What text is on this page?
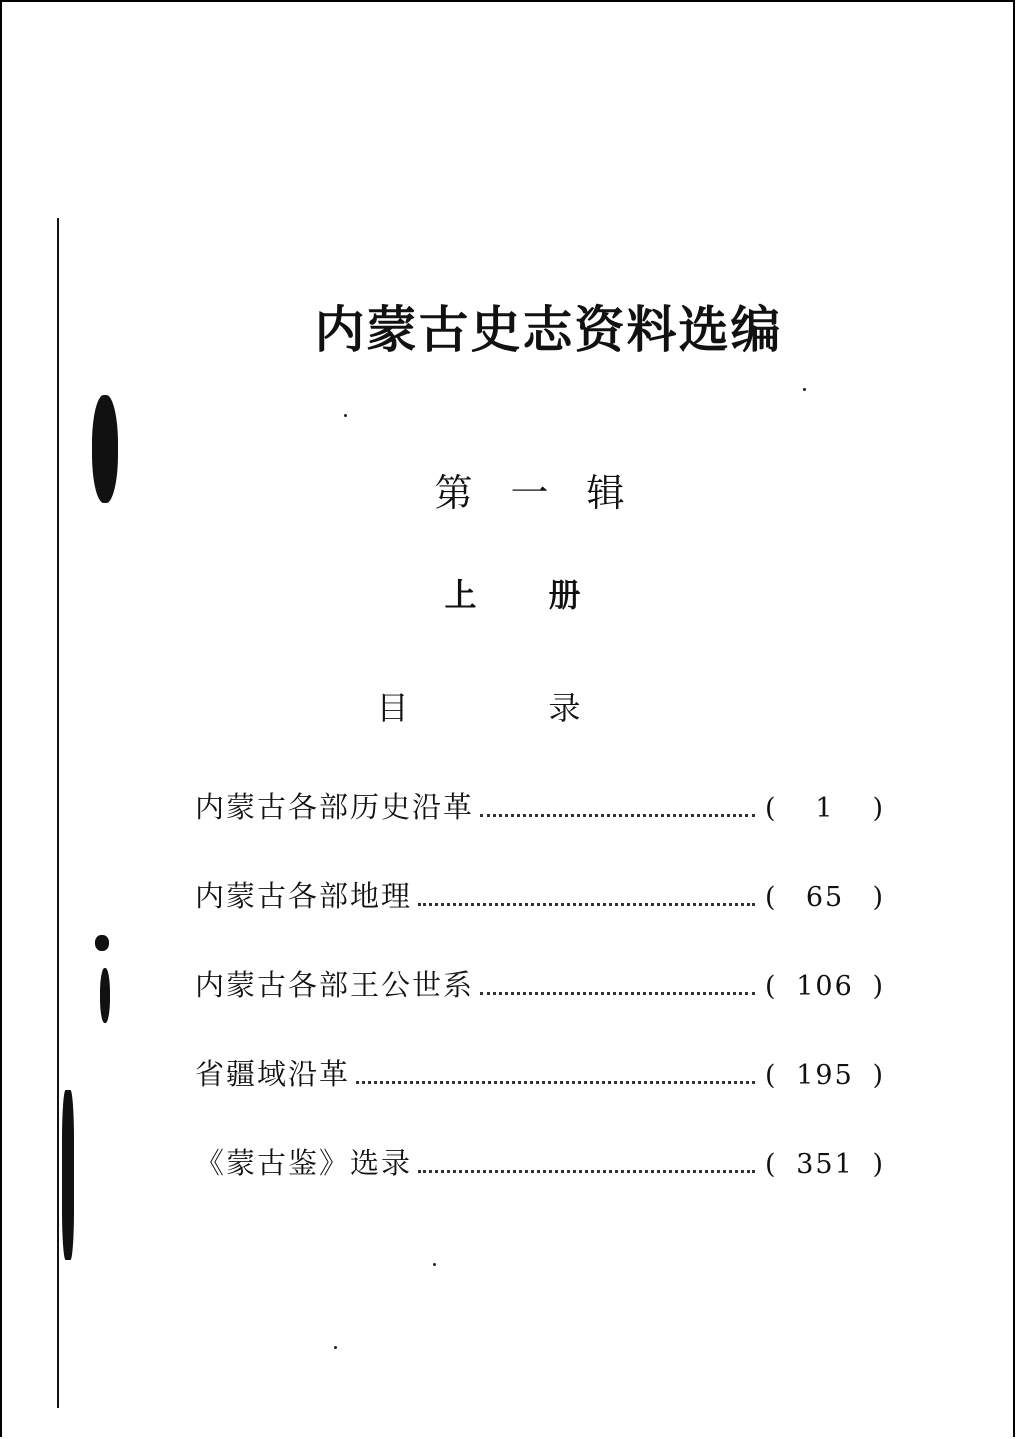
内蒙古史志资料选编
第一辑
上册
目录
内蒙古各部历史沿革	(	1	)
内蒙古各部地理	(	65	)
内蒙古各部王公世系	( 106 )
省疆域沿革	( 195 )
《蒙古鉴》选录	( 351 )
